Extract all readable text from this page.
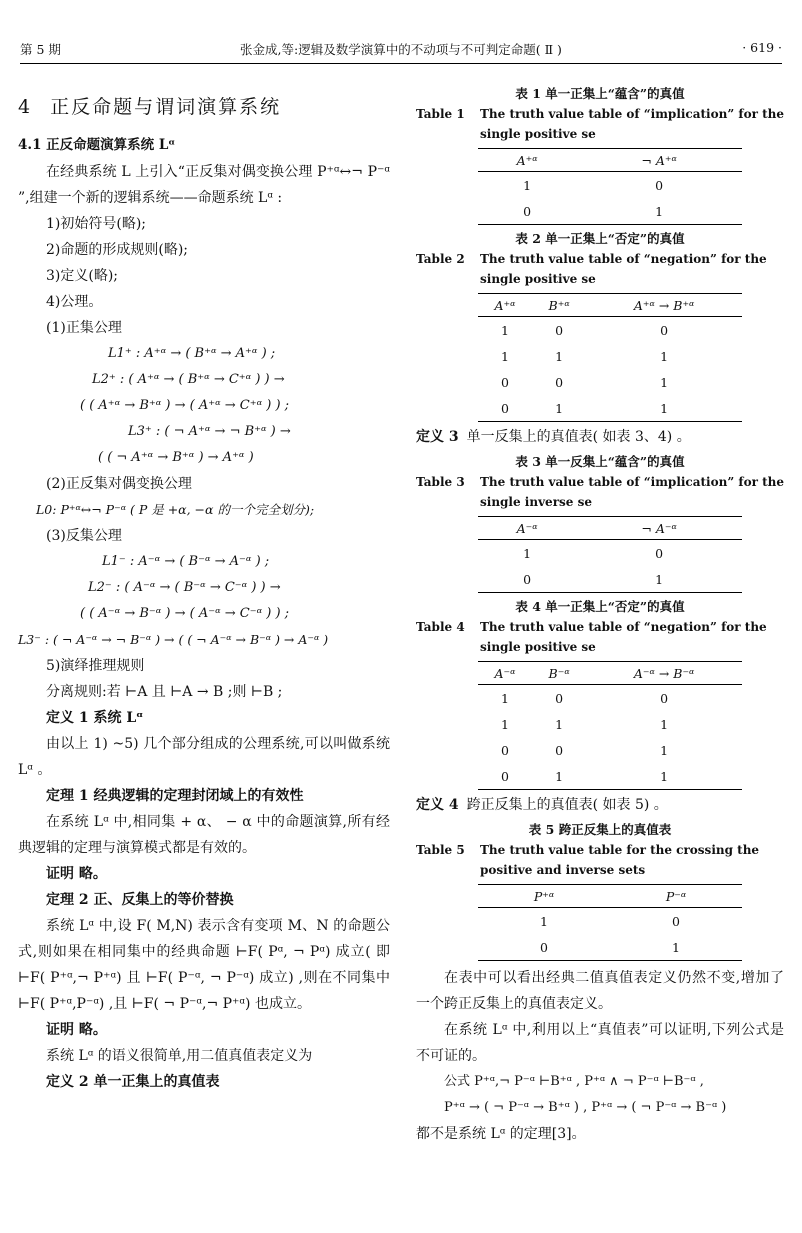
第 5 期	张金成,等:逻辑及数学演算中的不动项与不可判定命题( Ⅱ )	· 619 ·
4 正反命题与谓词演算系统
4.1 正反命题演算系统 Lᵅ

在经典系统 L 上引入“正反集对偶变换公理 P⁺ᵅ↔¬ P⁻ᵅ ”,组建一个新的逻辑系统——命题系统 Lᵅ :

1)初始符号(略);

2)命题的形成规则(略);

3)定义(略);

4)公理。

(1)正集公理

L1⁺ : A⁺ᵅ → ( B⁺ᵅ → A⁺ᵅ ) ;

L2⁺ : ( A⁺ᵅ → ( B⁺ᵅ → C⁺ᵅ ) ) →

( ( A⁺ᵅ → B⁺ᵅ ) → ( A⁺ᵅ → C⁺ᵅ ) ) ;

L3⁺ : ( ¬ A⁺ᵅ → ¬ B⁺ᵅ ) →

( ( ¬ A⁺ᵅ → B⁺ᵅ ) → A⁺ᵅ )

(2)正反集对偶变换公理

L0: P⁺ᵅ↔¬ P⁻ᵅ ( P 是 +α, −α 的一个完全划分);

(3)反集公理

L1⁻ : A⁻ᵅ → ( B⁻ᵅ → A⁻ᵅ ) ;

L2⁻ : ( A⁻ᵅ → ( B⁻ᵅ → C⁻ᵅ ) ) →

( ( A⁻ᵅ → B⁻ᵅ ) → ( A⁻ᵅ → C⁻ᵅ ) ) ;

L3⁻ : ( ¬ A⁻ᵅ → ¬ B⁻ᵅ ) → ( ( ¬ A⁻ᵅ → B⁻ᵅ ) → A⁻ᵅ )

5)演绎推理规则

分离规则:若 ⊢A 且 ⊢A → B ;则 ⊢B ;

定义 1 系统 Lᵅ

由以上 1) ~5) 几个部分组成的公理系统,可以叫做系统 Lᵅ 。

定理 1 经典逻辑的定理封闭域上的有效性

在系统 Lᵅ 中,相同集 + α、 − α 中的命题演算,所有经典逻辑的定理与演算模式都是有效的。

证明 略。

定理 2 正、反集上的等价替换

系统 Lᵅ 中,设 F( M,N) 表示含有变项 M、N 的命题公式,则如果在相同集中的经典命题 ⊢F( Pᵅ, ¬ Pᵅ) 成立( 即 ⊢F( P⁺ᵅ,¬ P⁺ᵅ) 且 ⊢F( P⁻ᵅ, ¬ P⁻ᵅ) 成立) ,则在不同集中 ⊢F( P⁺ᵅ,P⁻ᵅ) ,且 ⊢F( ¬ P⁻ᵅ,¬ P⁺ᵅ) 也成立。

证明 略。

系统 Lᵅ 的语义很简单,用二值真值表定义为

定义 2 单一正集上的真值表

表 1 单一正集上“蕴含”的真值
Table 1	The truth value table of “implication” for the single positive se
A⁺ᵅ	¬ A⁺ᵅ
1	0
0	1
表 2 单一正集上“否定”的真值
Table 2	The truth value table of “negation” for the single positive se
A⁺ᵅ	B⁺ᵅ	A⁺ᵅ → B⁺ᵅ
1	0	0
1	1	1
0	0	1
0	1	1
定义 3 单一反集上的真值表( 如表 3、4) 。
表 3 单一反集上“蕴含”的真值
Table 3	The truth value table of “implication” for the single inverse se
A⁻ᵅ	¬ A⁻ᵅ
1	0
0	1
表 4 单一正集上“否定”的真值
Table 4	The truth value table of “negation” for the single positive se
A⁻ᵅ	B⁻ᵅ	A⁻ᵅ → B⁻ᵅ
1	0	0
1	1	1
0	0	1
0	1	1
定义 4 跨正反集上的真值表( 如表 5) 。
表 5 跨正反集上的真值表
Table 5	The truth value table for the crossing the positive and inverse sets
P⁺ᵅ	P⁻ᵅ
1	0
0	1

在表中可以看出经典二值真值表定义仍然不变,增加了一个跨正反集上的真值表定义。

在系统 Lᵅ 中,利用以上“真值表”可以证明,下列公式是不可证的。

公式 P⁺ᵅ,¬ P⁻ᵅ ⊢B⁺ᵅ , P⁺ᵅ ∧ ¬ P⁻ᵅ ⊢B⁻ᵅ ,

P⁺ᵅ → ( ¬ P⁻ᵅ → B⁺ᵅ ) , P⁺ᵅ → ( ¬ P⁻ᵅ → B⁻ᵅ )

都不是系统 Lᵅ 的定理[3]。
